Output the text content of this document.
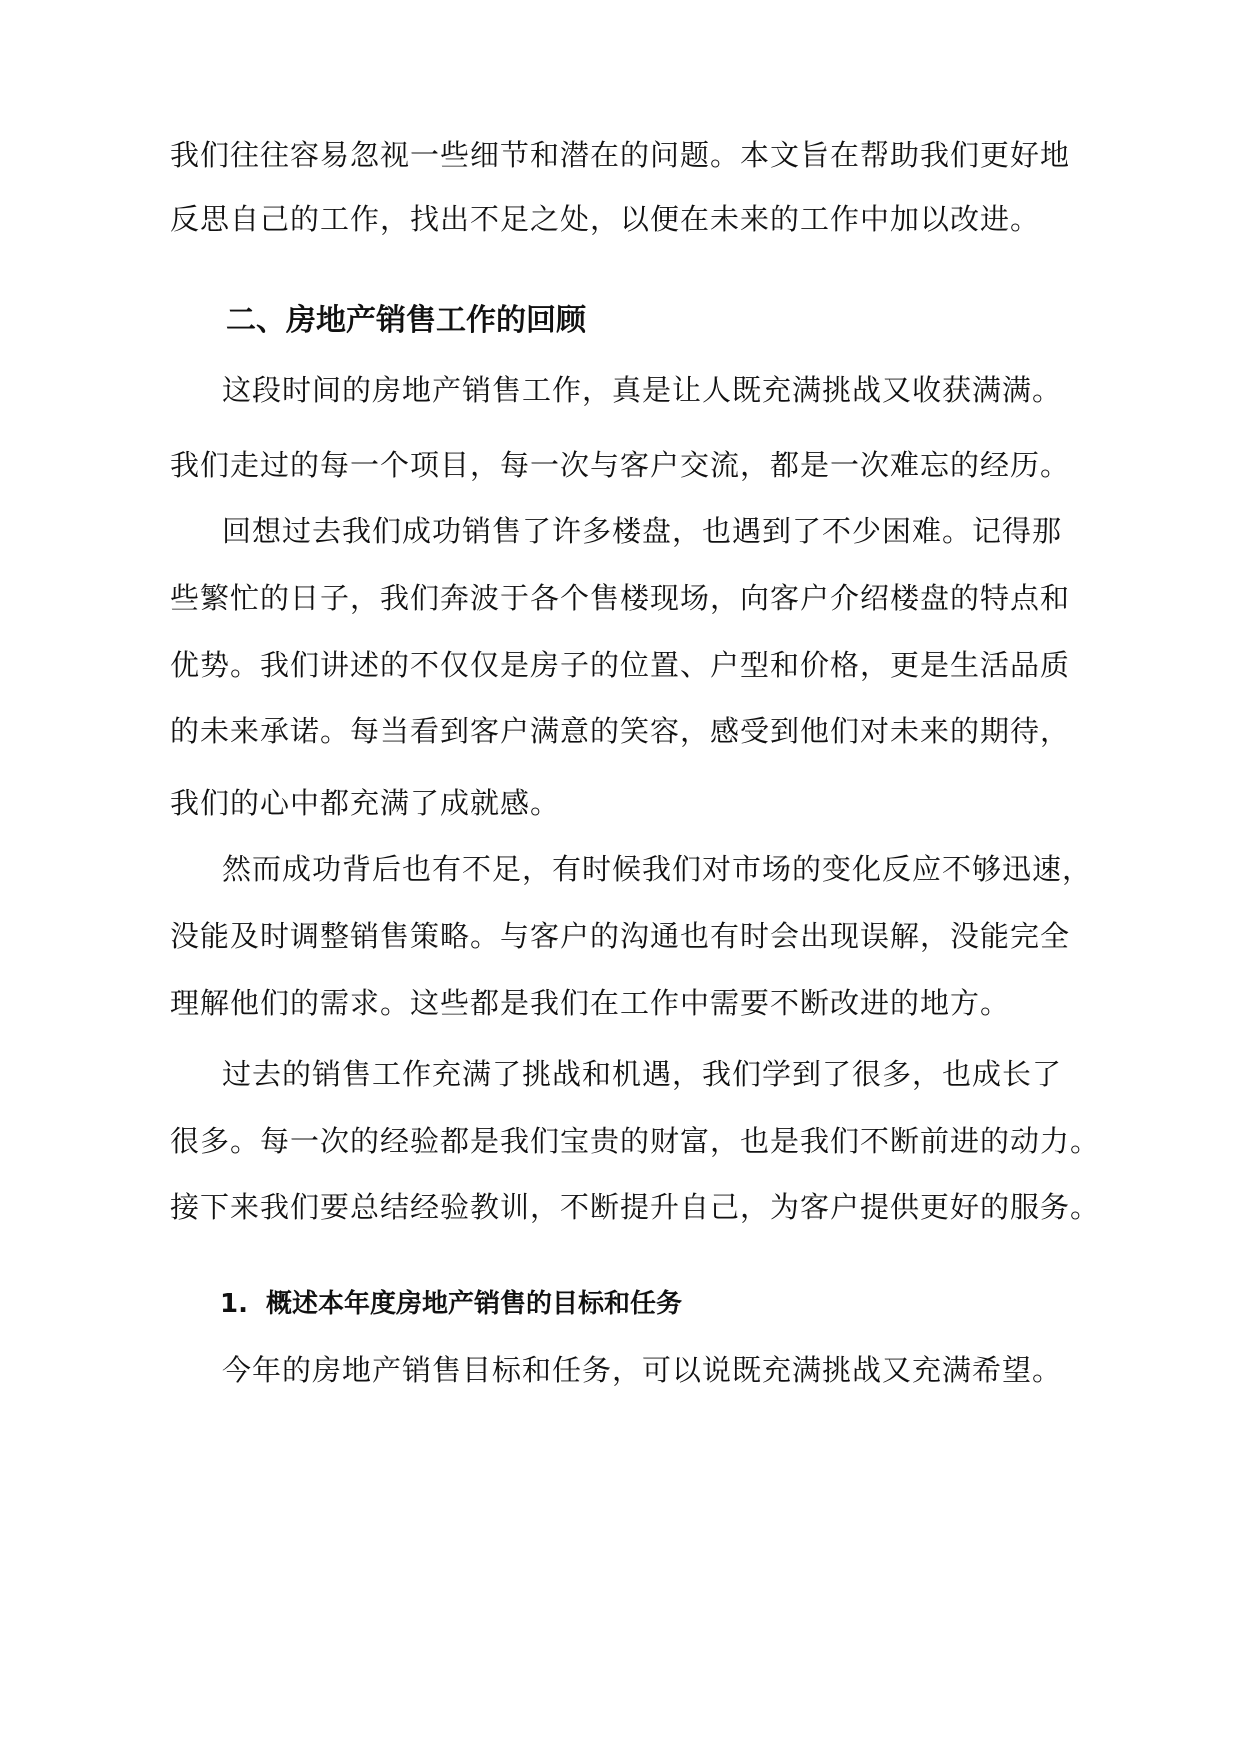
我们往往容易忽视一些细节和潜在的问题。本文旨在帮助我们更好地
反思自己的工作，找出不足之处，以便在未来的工作中加以改进。
二、房地产销售工作的回顾
这段时间的房地产销售工作，真是让人既充满挑战又收获满满。
我们走过的每一个项目，每一次与客户交流，都是一次难忘的经历。
回想过去我们成功销售了许多楼盘，也遇到了不少困难。记得那
些繁忙的日子，我们奔波于各个售楼现场，向客户介绍楼盘的特点和
优势。我们讲述的不仅仅是房子的位置、户型和价格，更是生活品质
的未来承诺。每当看到客户满意的笑容，感受到他们对未来的期待，
我们的心中都充满了成就感。
然而成功背后也有不足，有时候我们对市场的变化反应不够迅速，
没能及时调整销售策略。与客户的沟通也有时会出现误解，没能完全
理解他们的需求。这些都是我们在工作中需要不断改进的地方。
过去的销售工作充满了挑战和机遇，我们学到了很多，也成长了
很多。每一次的经验都是我们宝贵的财富，也是我们不断前进的动力。
接下来我们要总结经验教训，不断提升自己，为客户提供更好的服务。
1. 概述本年度房地产销售的目标和任务
今年的房地产销售目标和任务，可以说既充满挑战又充满希望。
